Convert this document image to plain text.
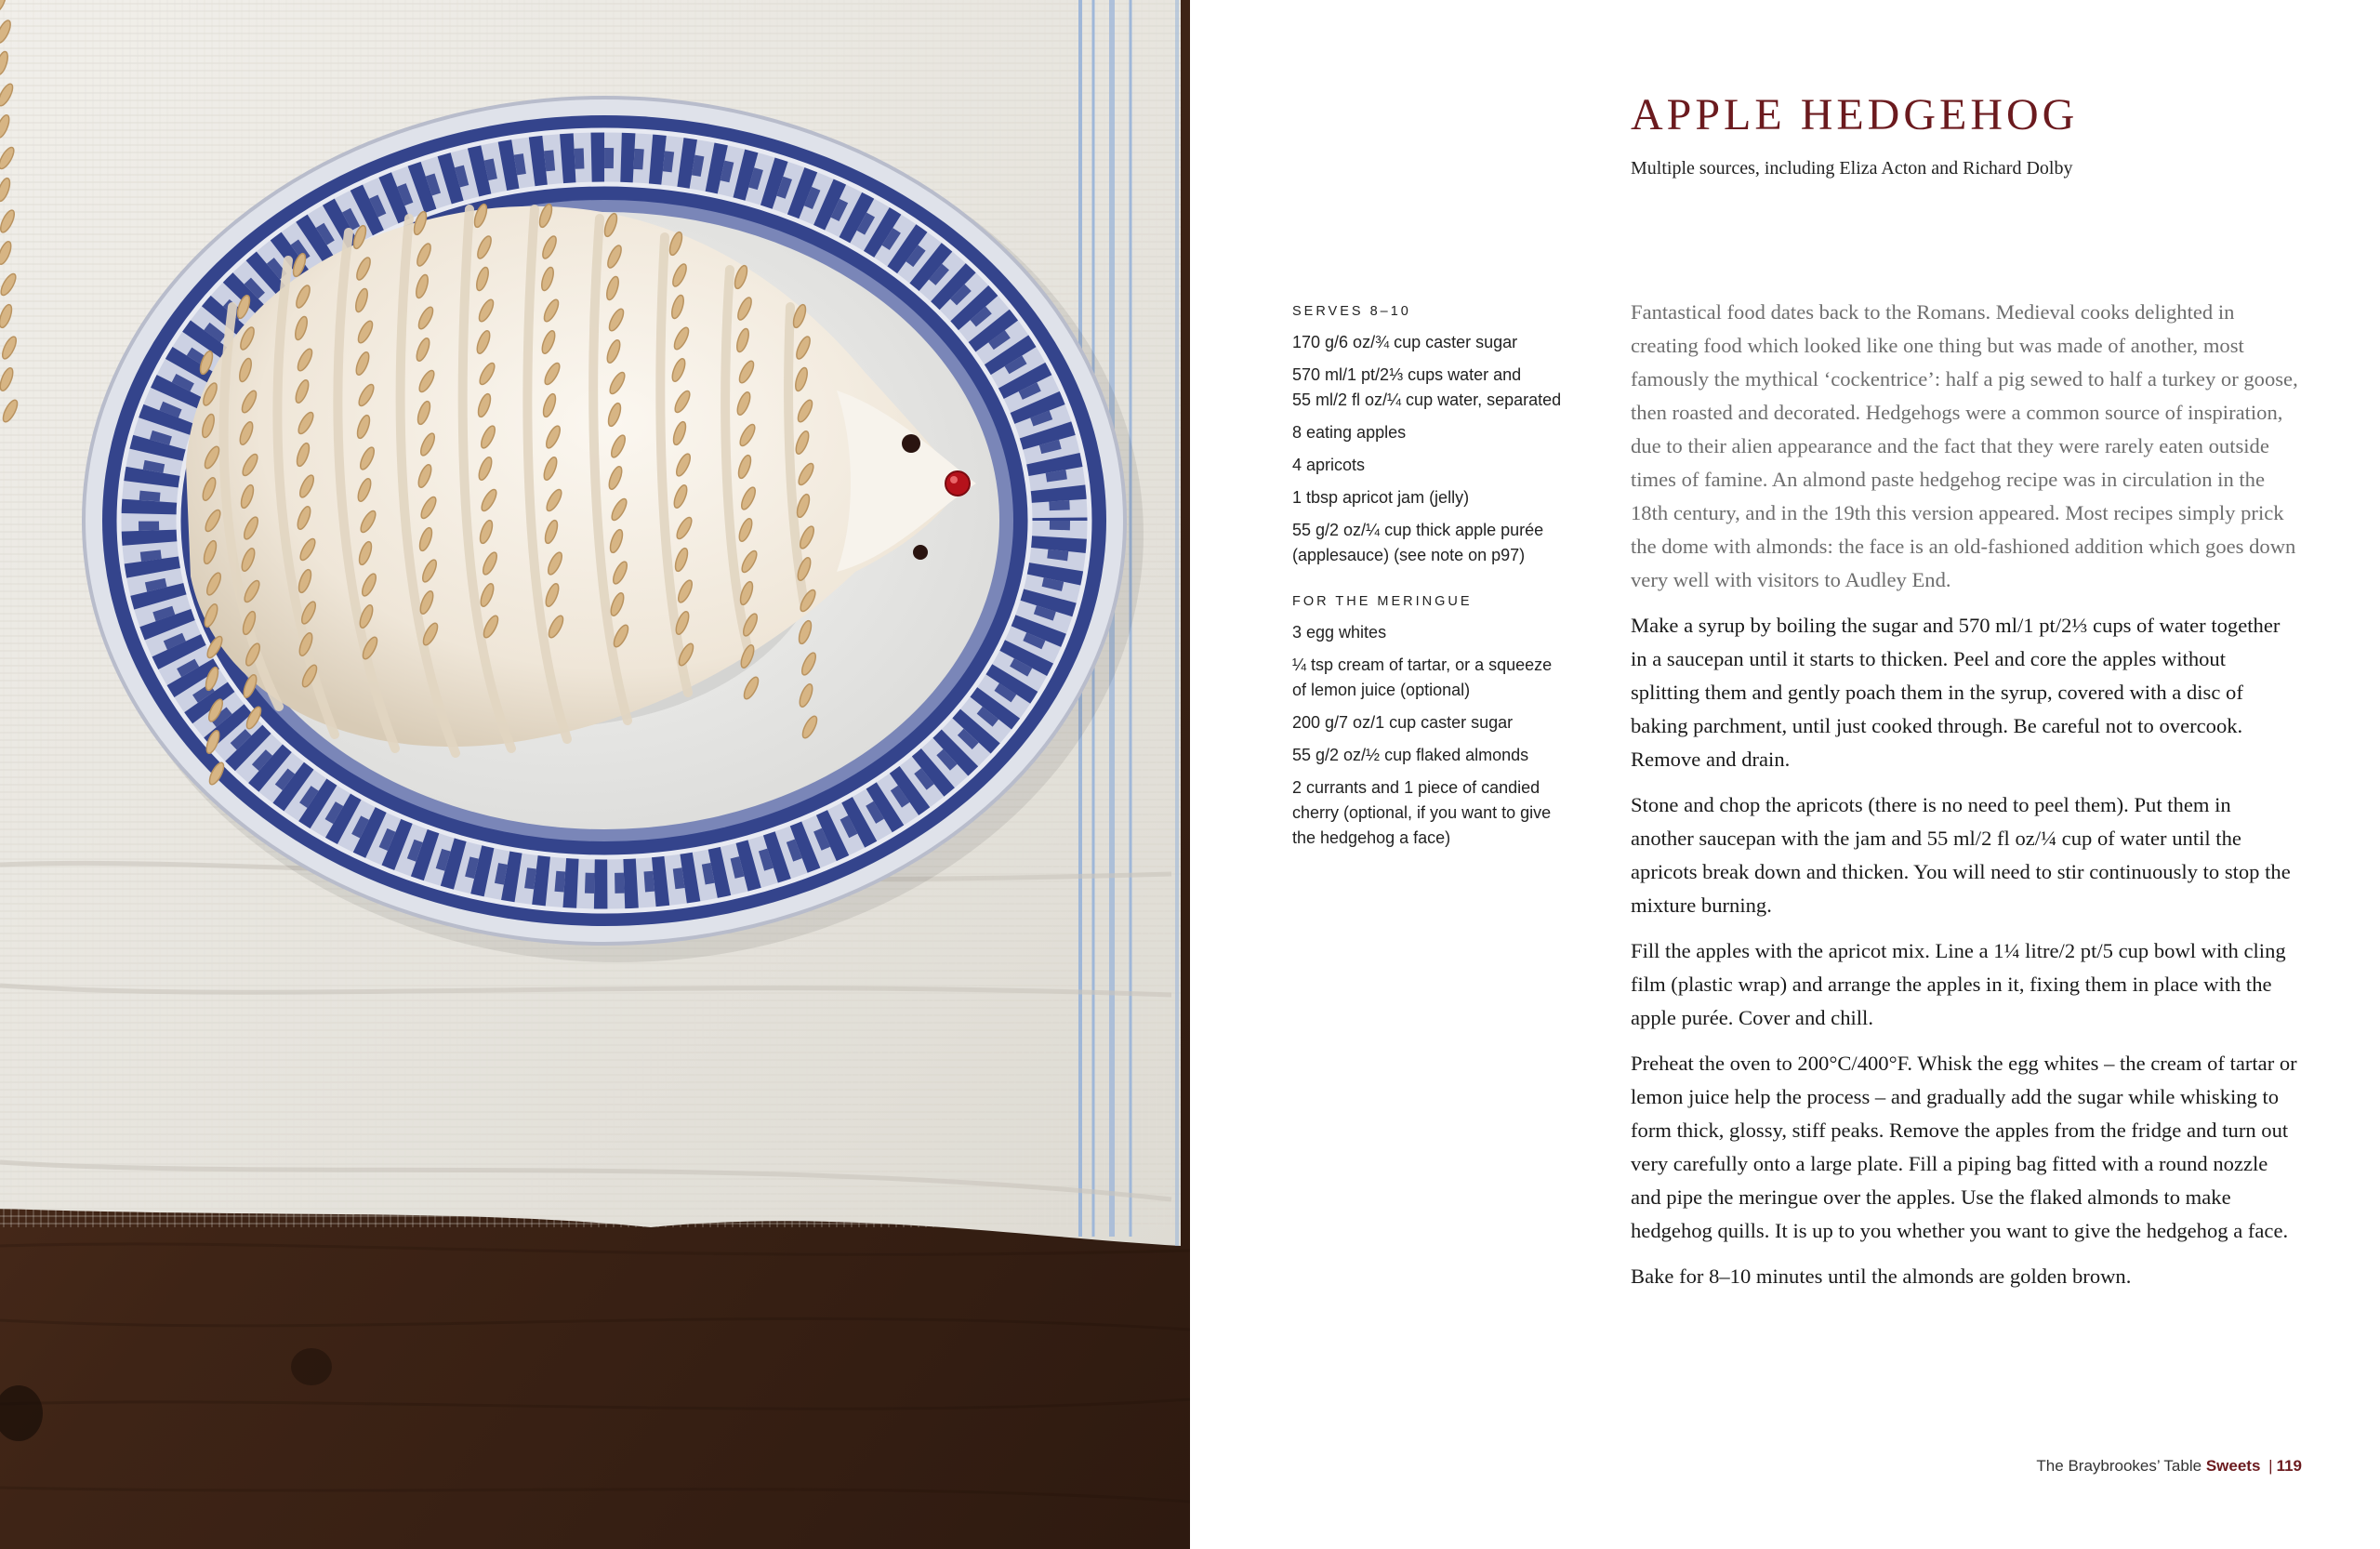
APPLE HEDGEHOG
Multiple sources, including Eliza Acton and Richard Dolby
SERVES 8–10
170 g/6 oz/¾ cup caster sugar
570 ml/1 pt/2⅓ cups water and
55 ml/2 fl oz/¼ cup water, separated
8 eating apples
4 apricots
1 tbsp apricot jam (jelly)
55 g/2 oz/¼ cup thick apple purée
(applesauce) (see note on p97)
FOR THE MERINGUE
3 egg whites
¼ tsp cream of tartar, or a squeeze
of lemon juice (optional)
200 g/7 oz/1 cup caster sugar
55 g/2 oz/½ cup flaked almonds
2 currants and 1 piece of candied
cherry (optional, if you want to give
the hedgehog a face)

Fantastical food dates back to the Romans. Medieval cooks delighted in creating food which looked like one thing but was made of another, most famously the mythical ‘cockentrice’: half a pig sewed to half a turkey or goose, then roasted and decorated. Hedgehogs were a common source of inspiration, due to their alien appearance and the fact that they were rarely eaten outside times of famine. An almond paste hedgehog recipe was in circulation in the 18th century, and in the 19th this version appeared. Most recipes simply prick the dome with almonds: the face is an old-fashioned addition which goes down very well with visitors to Audley End.

Make a syrup by boiling the sugar and 570 ml/1 pt/2⅓ cups of water together in a saucepan until it starts to thicken. Peel and core the apples without splitting them and gently poach them in the syrup, covered with a disc of baking parchment, until just cooked through. Be careful not to overcook. Remove and drain.

Stone and chop the apricots (there is no need to peel them). Put them in another saucepan with the jam and 55 ml/2 fl oz/¼ cup of water until the apricots break down and thicken. You will need to stir continuously to stop the mixture burning.

Fill the apples with the apricot mix. Line a 1¼ litre/2 pt/5 cup bowl with cling film (plastic wrap) and arrange the apples in it, fixing them in place with the apple purée. Cover and chill.

Preheat the oven to 200°C/400°F. Whisk the egg whites – the cream of tartar or lemon juice help the process – and gradually add the sugar while whisking to form thick, glossy, stiff peaks. Remove the apples from the fridge and turn out very carefully onto a large plate. Fill a piping bag fitted with a round nozzle and pipe the meringue over the apples. Use the flaked almonds to make hedgehog quills. It is up to you whether you want to give the hedgehog a face.

Bake for 8–10 minutes until the almonds are golden brown.

The Braybrookes’ Table Sweets | 119
